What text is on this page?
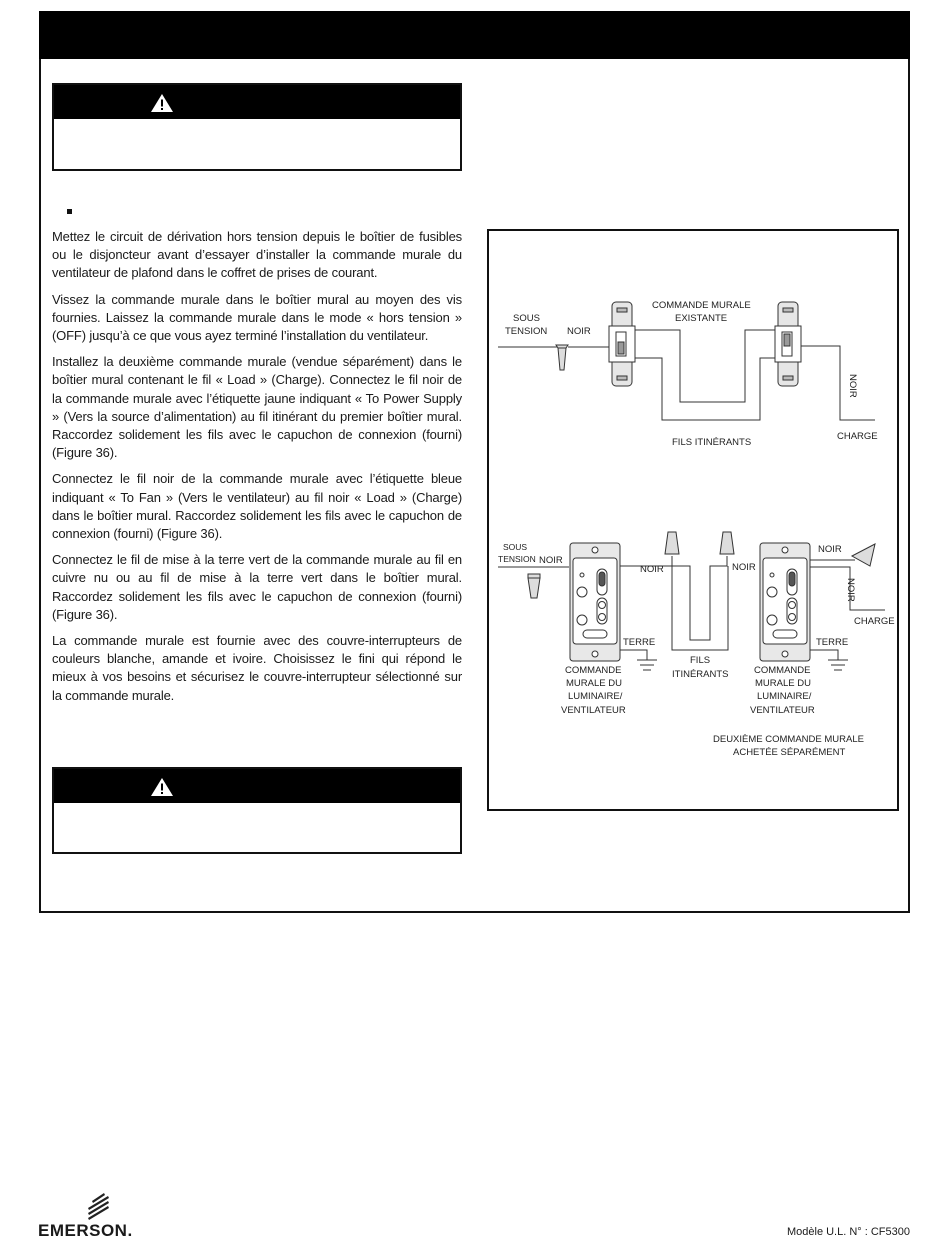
Mettez le circuit de dérivation hors tension depuis le boîtier de fusibles ou le disjoncteur avant d’essayer d’installer la commande murale du ventilateur de plafond dans le coffret de prises de courant.

Vissez la commande murale dans le boîtier mural au moyen des vis fournies. Laissez la commande murale dans le mode « hors tension » (OFF) jusqu’à ce que vous ayez terminé l’installation du ventilateur.

Installez la deuxième commande murale (vendue séparément) dans le boîtier mural contenant le fil « Load » (Charge). Connectez le fil noir de la commande murale avec l’étiquette jaune indiquant « To Power Supply » (Vers la source d’alimentation) au fil itinérant du premier boîtier mural. Raccordez solidement les fils avec le capuchon de connexion (fourni) (Figure 36).

Connectez le fil noir de la commande murale avec l’étiquette bleue indiquant « To Fan » (Vers le ventilateur) au fil noir « Load » (Charge) dans le boîtier mural. Raccordez solidement les fils avec le capuchon de connexion (fourni) (Figure 36).

Connectez le fil de mise à la terre vert de la commande murale au fil en cuivre nu ou au fil de mise à la terre vert dans le boîtier mural. Raccordez solidement les fils avec le capuchon de connexion (fourni) (Figure 36).

La commande murale est fournie avec des couvre-interrupteurs de couleurs blanche, amande et ivoire. Choisissez le fini qui répond le mieux à vos besoins et sécurisez le couvre-interrupteur sélectionné sur la commande murale.

SOUS
TENSION NOIR
COMMANDE MURALE
EXISTANTE
NOIR
CHARGE
FILS ITINÉRANTS
SOUS
TENSION NOIR
NOIR	NOIR
NOIR
NOIR
CHARGE
TERRE	TERRE
FILS
ITINÉRANTS
COMMANDE
MURALE DU
LUMINAIRE/
VENTILATEUR
COMMANDE
MURALE DU
LUMINAIRE/
VENTILATEUR
DEUXIÈME COMMANDE MURALE
ACHETÉE SÉPARÉMENT
EMERSON.	Modèle U.L. N° : CF5300
